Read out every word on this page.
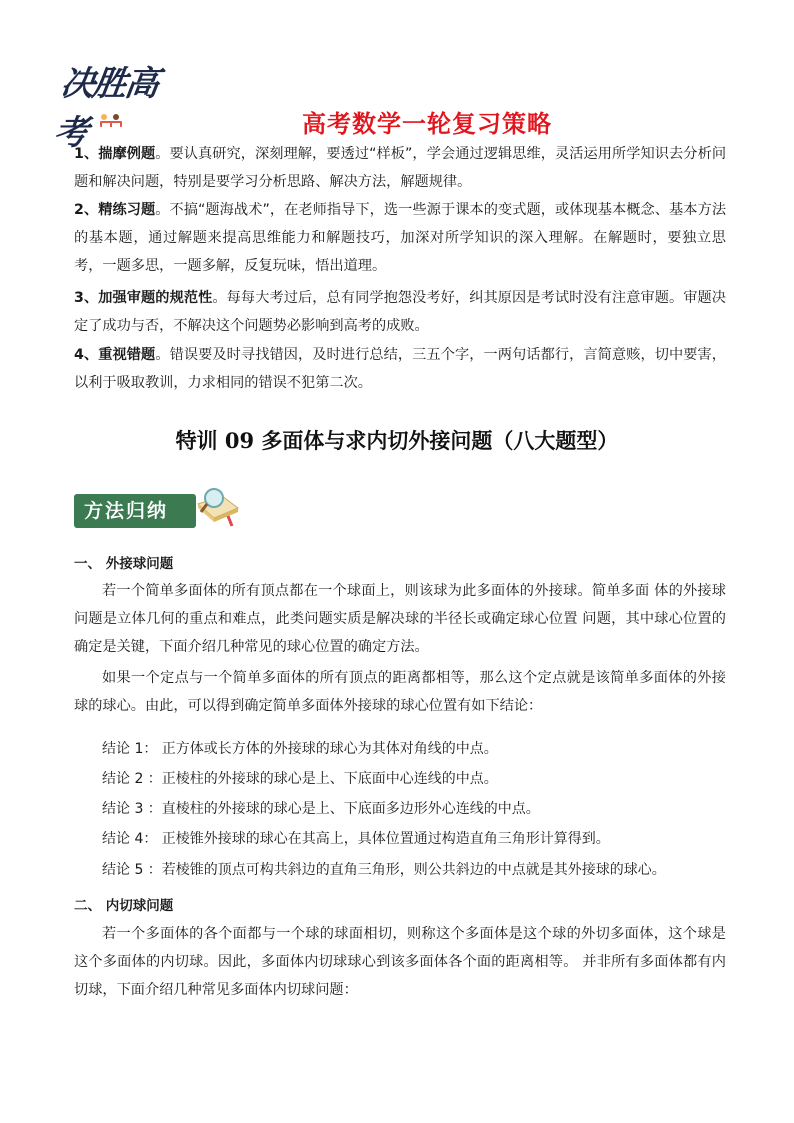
决胜高考	高考数学一轮复习策略

1、揣摩例题。要认真研究，深刻理解，要透过“样板”，学会通过逻辑思维，灵活运用所学知识去分析问题和解决问题，特别是要学习分析思路、解决方法，解题规律。

2、精练习题。不搞“题海战术”，在老师指导下，选一些源于课本的变式题，或体现基本概念、基本方法的基本题，通过解题来提高思维能力和解题技巧，加深对所学知识的深入理解。在解题时，要独立思考，一题多思，一题多解，反复玩味，悟出道理。

3、加强审题的规范性。每每大考过后，总有同学抱怨没考好，纠其原因是考试时没有注意审题。审题决定了成功与否，不解决这个问题势必影响到高考的成败。

4、重视错题。错误要及时寻找错因，及时进行总结，三五个字，一两句话都行，言简意赅，切中要害，以利于吸取教训，力求相同的错误不犯第二次。

特训 09 多面体与求内切外接问题（八大题型）
方法归纳
一、 外接球问题

若一个简单多面体的所有顶点都在一个球面上，则该球为此多面体的外接球。简单多面 体的外接球问题是立体几何的重点和难点，此类问题实质是解决球的半径长或确定球心位置 问题，其中球心位置的确定是关键，下面介绍几种常见的球心位置的确定方法。

如果一个定点与一个简单多面体的所有顶点的距离都相等，那么这个定点就是该简单多面体的外接球的球心。由此，可以得到确定简单多面体外接球的球心位置有如下结论：

结论 1： 正方体或长方体的外接球的球心为其体对角线的中点。
结论 2 ：正棱柱的外接球的球心是上、下底面中心连线的中点。
结论 3 ：直棱柱的外接球的球心是上、下底面多边形外心连线的中点。
结论 4： 正棱锥外接球的球心在其高上，具体位置通过构造直角三角形计算得到。
结论 5 ：若棱锥的顶点可构共斜边的直角三角形，则公共斜边的中点就是其外接球的球心。
二、 内切球问题

若一个多面体的各个面都与一个球的球面相切，则称这个多面体是这个球的外切多面体，这个球是这个多面体的内切球。因此，多面体内切球球心到该多面体各个面的距离相等。 并非所有多面体都有内切球，下面介绍几种常见多面体内切球问题：
